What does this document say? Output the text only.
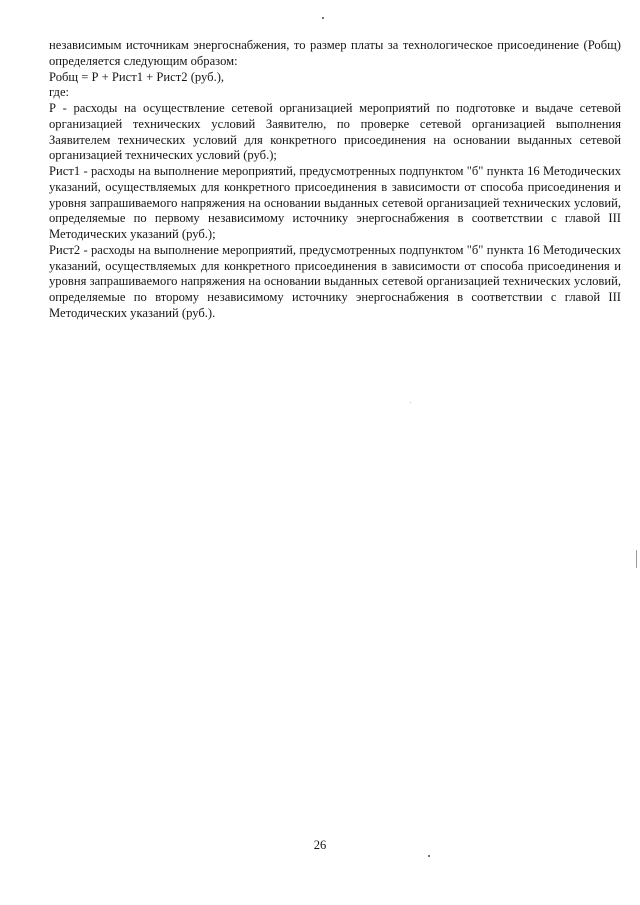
независимым источникам энергоснабжения, то размер платы за технологическое присоединение (Робщ) определяется следующим образом:

Робщ = Р + Рист1 + Рист2 (руб.),

где:

Р - расходы на осуществление сетевой организацией мероприятий по подготовке и выдаче сетевой организацией технических условий Заявителю, по проверке сетевой организацией выполнения Заявителем технических условий для конкретного присоединения на основании выданных сетевой организацией технических условий (руб.);

Рист1 - расходы на выполнение мероприятий, предусмотренных подпунктом "б" пункта 16 Методических указаний, осуществляемых для конкретного присоединения в зависимости от способа присоединения и уровня запрашиваемого напряжения на основании выданных сетевой организацией технических условий, определяемые по первому независимому источнику энергоснабжения в соответствии с главой III Методических указаний (руб.);

Рист2 - расходы на выполнение мероприятий, предусмотренных подпунктом "б" пункта 16 Методических указаний, осуществляемых для конкретного присоединения в зависимости от способа присоединения и уровня запрашиваемого напряжения на основании выданных сетевой организацией технических условий, определяемые по второму независимому источнику энергоснабжения в соответствии с главой III Методических указаний (руб.).

26
